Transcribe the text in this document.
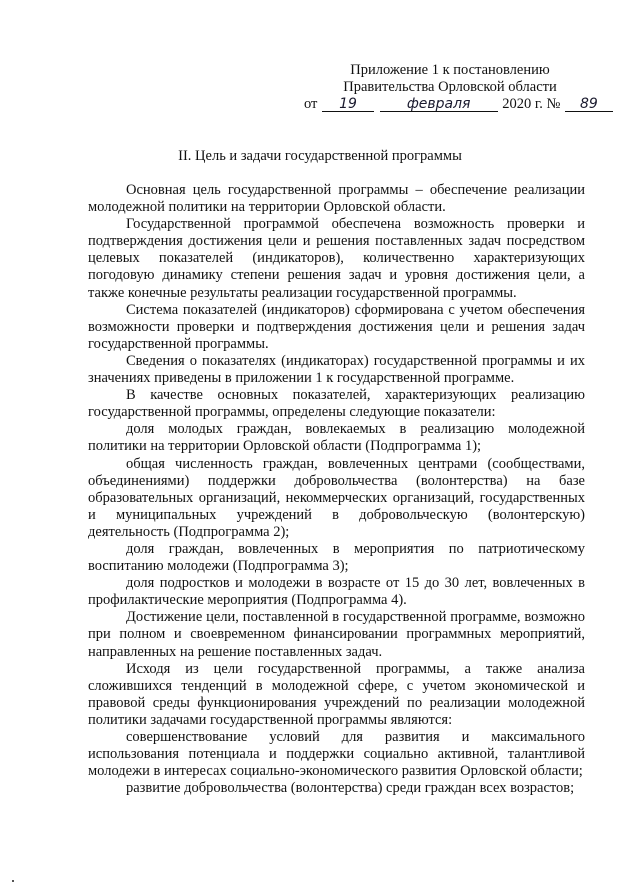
Приложение 1 к постановлению
Правительства Орловской области
от 19	февраля 2020 г. № 89
II. Цель и задачи государственной программы

Основная цель государственной программы – обеспечение реализации молодежной политики на территории Орловской области.

Государственной программой обеспечена возможность проверки и подтверждения достижения цели и решения поставленных задач посредством целевых показателей (индикаторов), количественно характеризующих погодовую динамику степени решения задач и уровня достижения цели, а также конечные результаты реализации государственной программы.

Система показателей (индикаторов) сформирована с учетом обеспечения возможности проверки и подтверждения достижения цели и решения задач государственной программы.

Сведения о показателях (индикаторах) государственной программы и их значениях приведены в приложении 1 к государственной программе.

В качестве основных показателей, характеризующих реализацию государственной программы, определены следующие показатели:

доля молодых граждан, вовлекаемых в реализацию молодежной политики на территории Орловской области (Подпрограмма 1);

общая численность граждан, вовлеченных центрами (сообществами, объединениями) поддержки добровольчества (волонтерства) на базе образовательных организаций, некоммерческих организаций, государственных и муниципальных учреждений в добровольческую (волонтерскую) деятельность (Подпрограмма 2);

доля граждан, вовлеченных в мероприятия по патриотическому воспитанию молодежи (Подпрограмма 3);

доля подростков и молодежи в возрасте от 15 до 30 лет, вовлеченных в профилактические мероприятия (Подпрограмма 4).

Достижение цели, поставленной в государственной программе, возможно при полном и своевременном финансировании программных мероприятий, направленных на решение поставленных задач.

Исходя из цели государственной программы, а также анализа сложившихся тенденций в молодежной сфере, с учетом экономической и правовой среды функционирования учреждений по реализации молодежной политики задачами государственной программы являются:

совершенствование условий для развития и максимального использования потенциала и поддержки социально активной, талантливой молодежи в интересах социально-экономического развития Орловской области;

развитие добровольчества (волонтерства) среди граждан всех возрастов;
